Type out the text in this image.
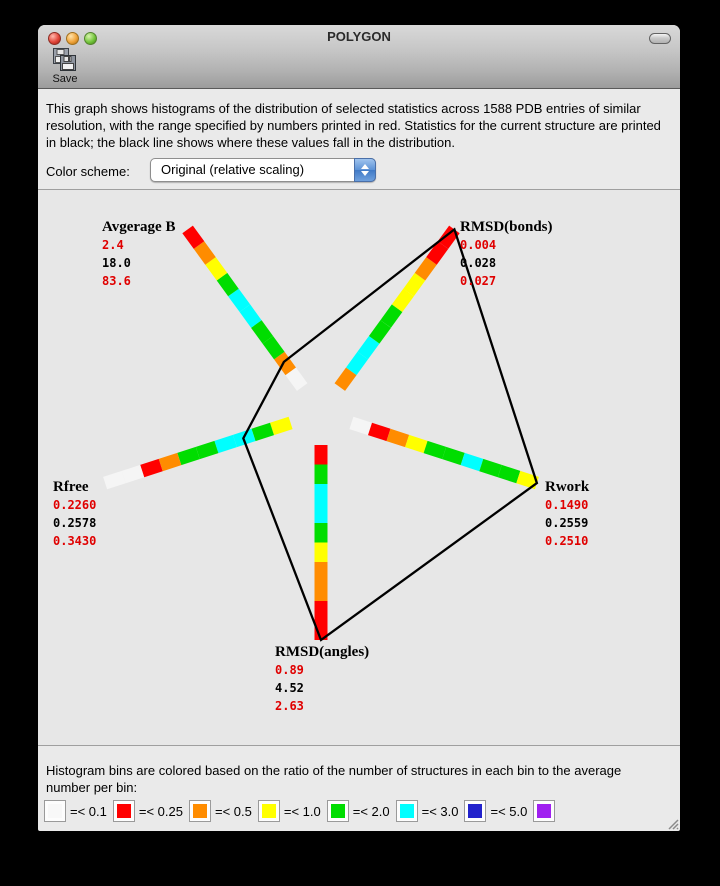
POLYGON
Save
This graph shows histograms of the distribution of selected statistics across 1588 PDB entries of similar resolution, with the range specified by numbers printed in red. Statistics for the current structure are printed in black; the black line shows where these values fall in the distribution.
Color scheme:	Original (relative scaling)
Avgerage B
2.4
18.0
83.6
RMSD(bonds)
0.004
0.028
0.027
Rwork
0.1490
0.2559
0.2510
RMSD(angles)
0.89
4.52
2.63
Rfree
0.2260
0.2578
0.3430
Histogram bins are colored based on the ratio of the number of structures in each bin to the average number per bin:
=< 0.1 =< 0.25 =< 0.5 =< 1.0 =< 2.0 =< 3.0 =< 5.0
